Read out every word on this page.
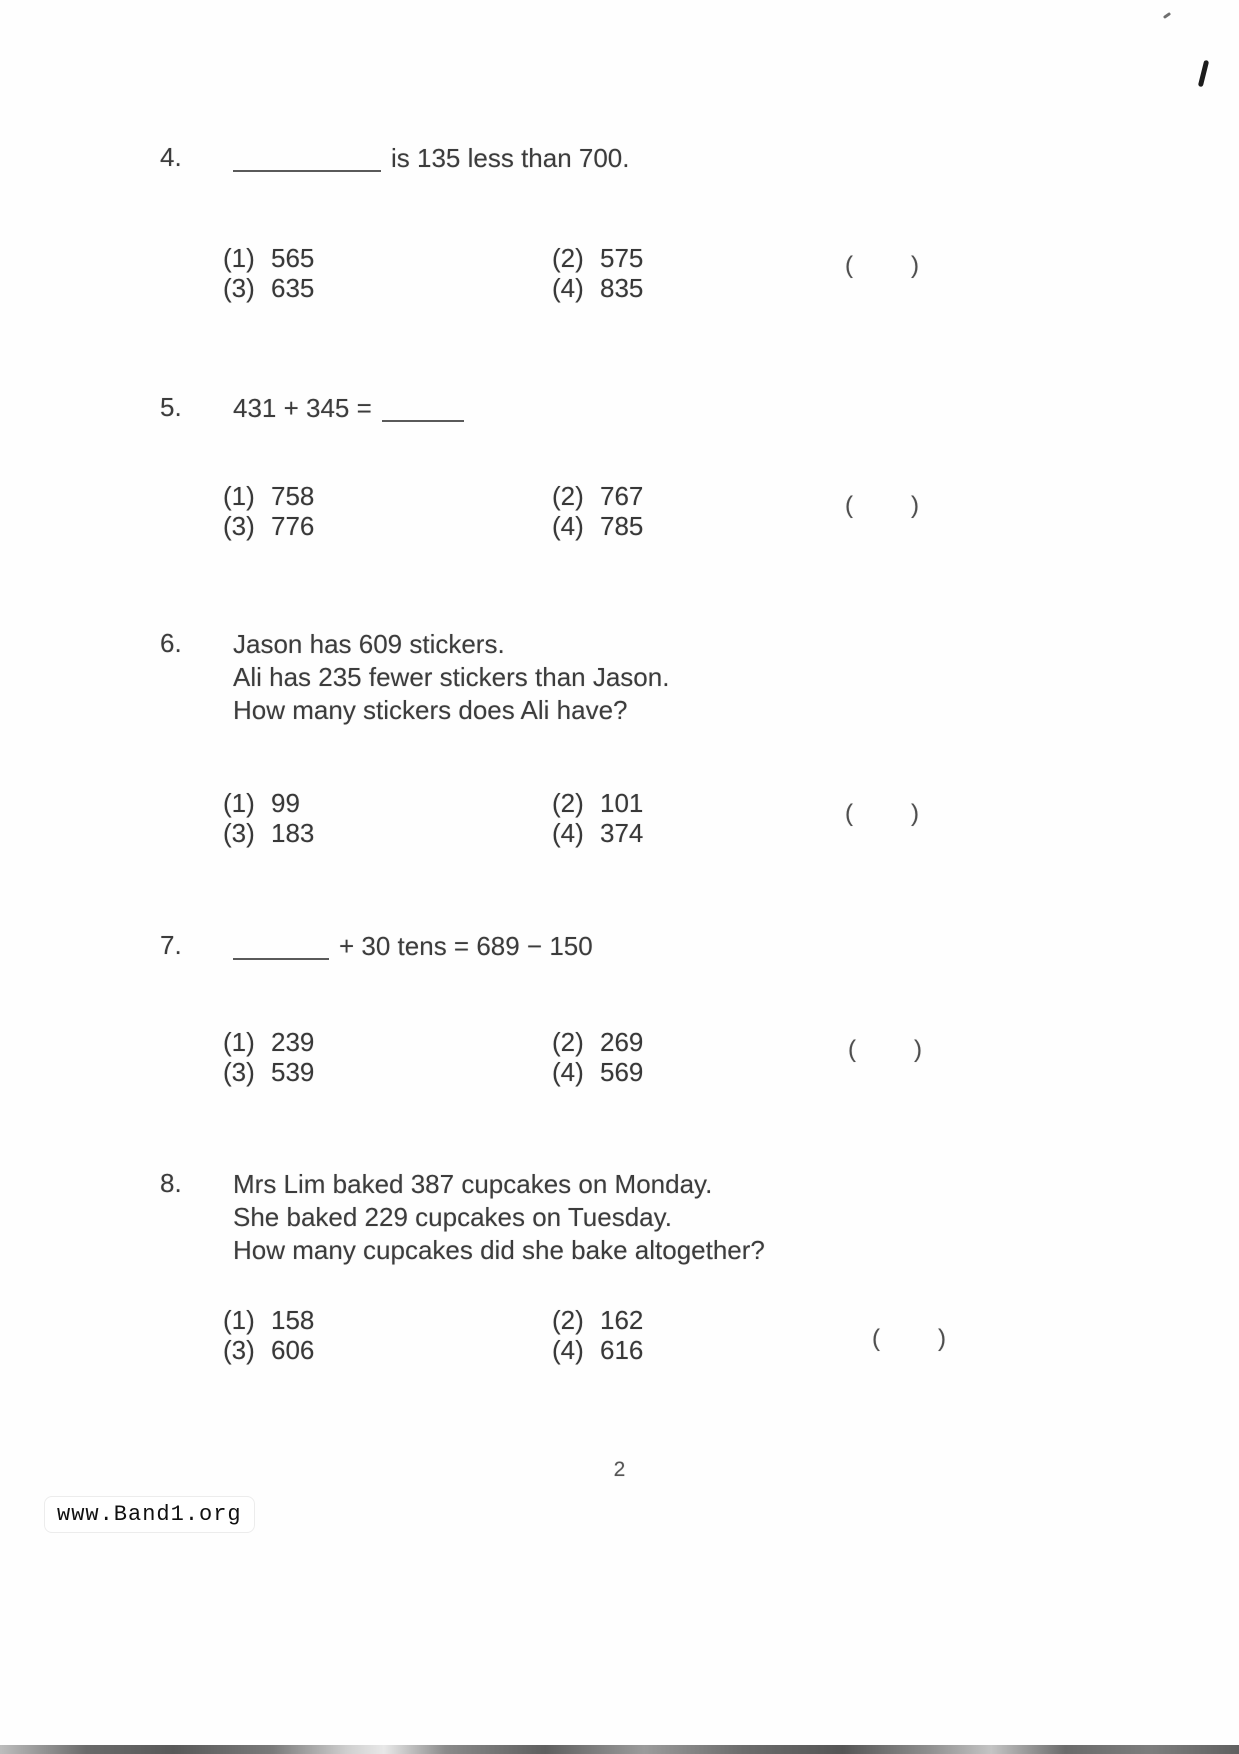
4.	is 135 less than 700.
(1) 565	(2) 575
(3) 635	(4) 835
( )
5.	431 + 345 =
(1) 758	(2) 767
(3) 776	(4) 785
( )
6.	Jason has 609 stickers.
Ali has 235 fewer stickers than Jason.
How many stickers does Ali have?
(1) 99	(2) 101
(3) 183	(4) 374
( )
7.	+ 30 tens = 689 − 150
(1) 239	(2) 269
(3) 539	(4) 569
( )
8.	Mrs Lim baked 387 cupcakes on Monday.
She baked 229 cupcakes on Tuesday.
How many cupcakes did she bake altogether?
(1) 158	(2) 162
(3) 606	(4) 616	( )
2
www.Band1.org
